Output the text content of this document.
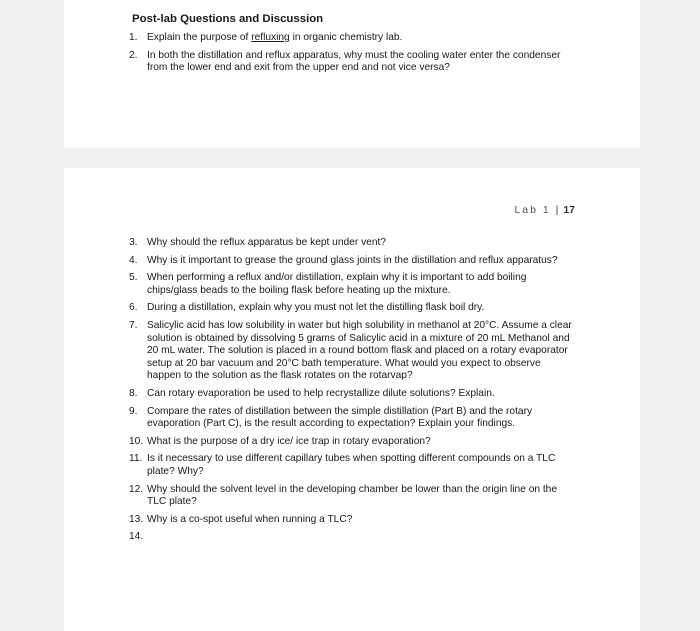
Post-lab Questions and Discussion
1. Explain the purpose of refluxing in organic chemistry lab.
2. In both the distillation and reflux apparatus, why must the cooling water enter the condenser from the lower end and exit from the upper end and not vice versa?
Lab 1 | 17
3. Why should the reflux apparatus be kept under vent?
4. Why is it important to grease the ground glass joints in the distillation and reflux apparatus?
5. When performing a reflux and/or distillation, explain why it is important to add boiling chips/glass beads to the boiling flask before heating up the mixture.
6. During a distillation, explain why you must not let the distilling flask boil dry.
7. Salicylic acid has low solubility in water but high solubility in methanol at 20°C. Assume a clear solution is obtained by dissolving 5 grams of Salicylic acid in a mixture of 20 mL Methanol and 20 mL water. The solution is placed in a round bottom flask and placed on a rotary evaporator setup at 20 bar vacuum and 20°C bath temperature. What would you expect to observe happen to the solution as the flask rotates on the rotarvap?
8. Can rotary evaporation be used to help recrystallize dilute solutions? Explain.
9. Compare the rates of distillation between the simple distillation (Part B) and the rotary evaporation (Part C), is the result according to expectation? Explain your findings.
10. What is the purpose of a dry ice/ ice trap in rotary evaporation?
11. Is it necessary to use different capillary tubes when spotting different compounds on a TLC plate? Why?
12. Why should the solvent level in the developing chamber be lower than the origin line on the TLC plate?
13. Why is a co-spot useful when running a TLC?
14.
